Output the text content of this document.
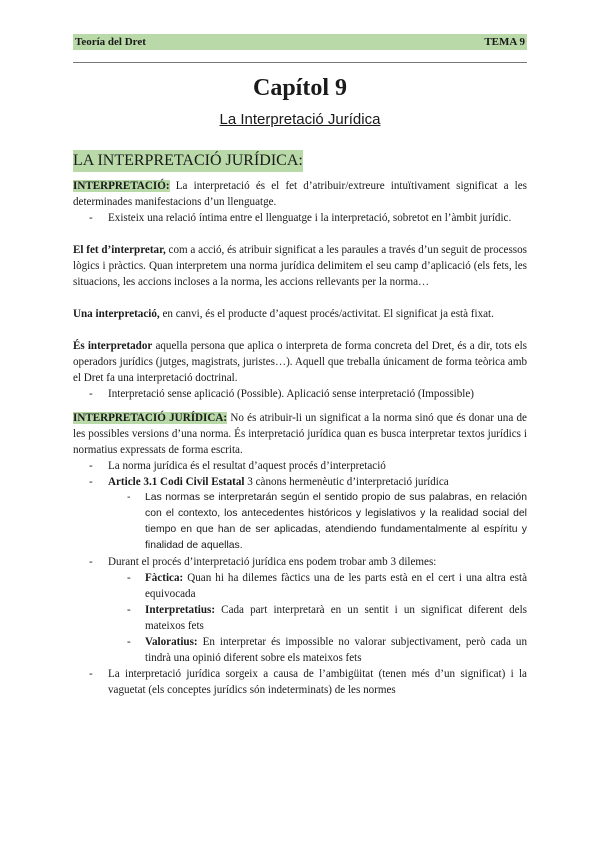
Teoría del Dret	TEMA 9
Capítol 9
La Interpretació Jurídica
LA INTERPRETACIÓ JURÍDICA:

INTERPRETACIÓ: La interpretació és el fet d’atribuir/extreure intuïtivament significat a les determinades manifestacions d’un llenguatge.

- Existeix una relació íntima entre el llenguatge i la interpretació, sobretot en l’àmbit jurídic.

El fet d’interpretar, com a acció, és atribuir significat a les paraules a través d’un seguit de processos lògics i pràctics. Quan interpretem una norma jurídica delimitem el seu camp d’aplicació (els fets, les situacions, les accions incloses a la norma, les accions rellevants per la norma…

Una interpretació, en canvi, és el producte d’aquest procés/activitat. El significat ja està fixat.

És interpretador aquella persona que aplica o interpreta de forma concreta del Dret, és a dir, tots els operadors jurídics (jutges, magistrats, juristes…). Aquell que treballa únicament de forma teòrica amb el Dret fa una interpretació doctrinal.

- Interpretació sense aplicació (Possible). Aplicació sense interpretació (Impossible)

INTERPRETACIÓ JURÍDICA: No és atribuir-li un significat a la norma sinó que és donar una de les possibles versions d’una norma. És interpretació jurídica quan es busca interpretar textos jurídics i normatius expressats de forma escrita.

- La norma jurídica és el resultat d’aquest procés d’interpretació
- Article 3.1 Codi Civil Estatal 3 cànons hermenèutic d’interpretació jurídica
- Las normas se interpretarán según el sentido propio de sus palabras, en relación con el contexto, los antecedentes históricos y legislativos y la realidad social del tiempo en que han de ser aplicadas, atendiendo fundamentalmente al espíritu y finalidad de aquellas.
- Durant el procés d’interpretació jurídica ens podem trobar amb 3 dilemes:
- Fàctica: Quan hi ha dilemes fàctics una de les parts està en el cert i una altra està equivocada
- Interpretatius: Cada part interpretarà en un sentit i un significat diferent dels mateixos fets
- Valoratius: En interpretar és impossible no valorar subjectivament, però cada un tindrà una opinió diferent sobre els mateixos fets
- La interpretació jurídica sorgeix a causa de l’ambigüitat (tenen més d’un significat) i la vaguetat (els conceptes jurídics són indeterminats) de les normes
